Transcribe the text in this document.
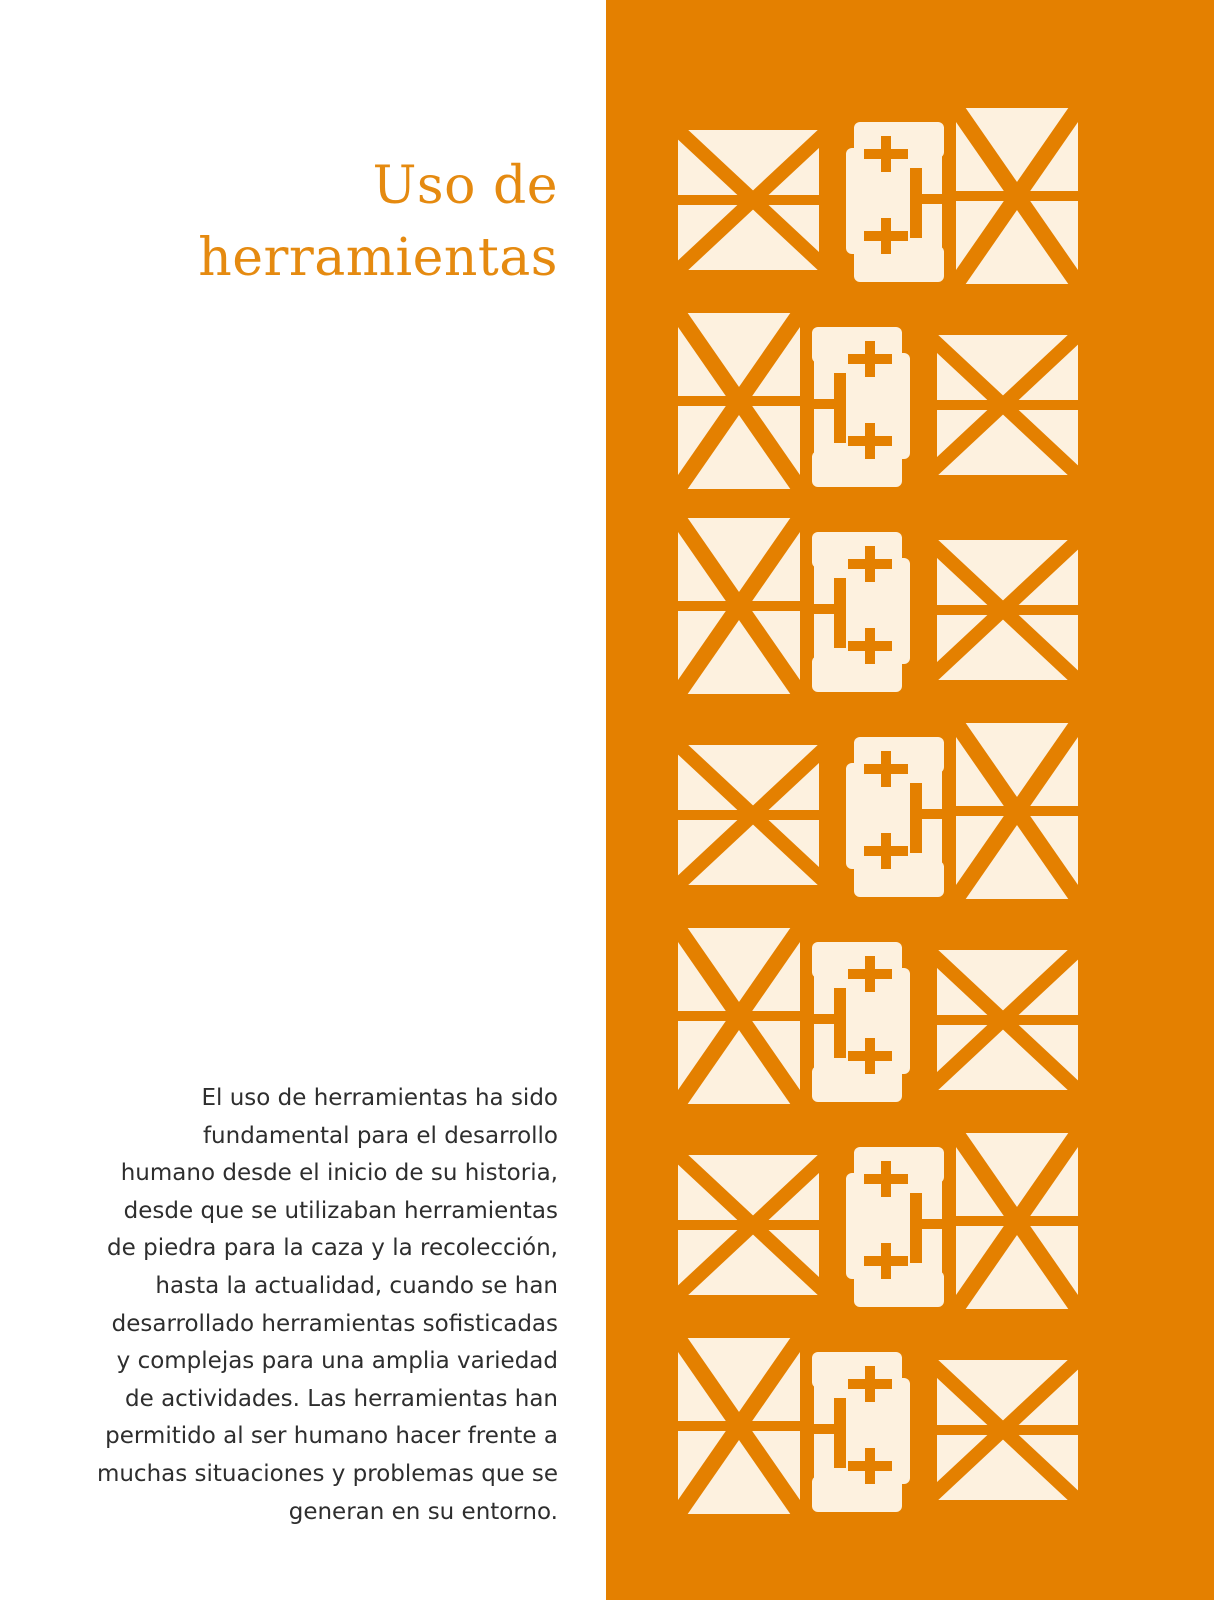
Uso de
herramientas

El uso de herramientas ha sido
fundamental para el desarrollo
humano desde el inicio de su historia,
desde que se utilizaban herramientas
de piedra para la caza y la recolección,
hasta la actualidad, cuando se han
desarrollado herramientas sofisticadas
y complejas para una amplia variedad
de actividades. Las herramientas han
permitido al ser humano hacer frente a
muchas situaciones y problemas que se
generan en su entorno.
